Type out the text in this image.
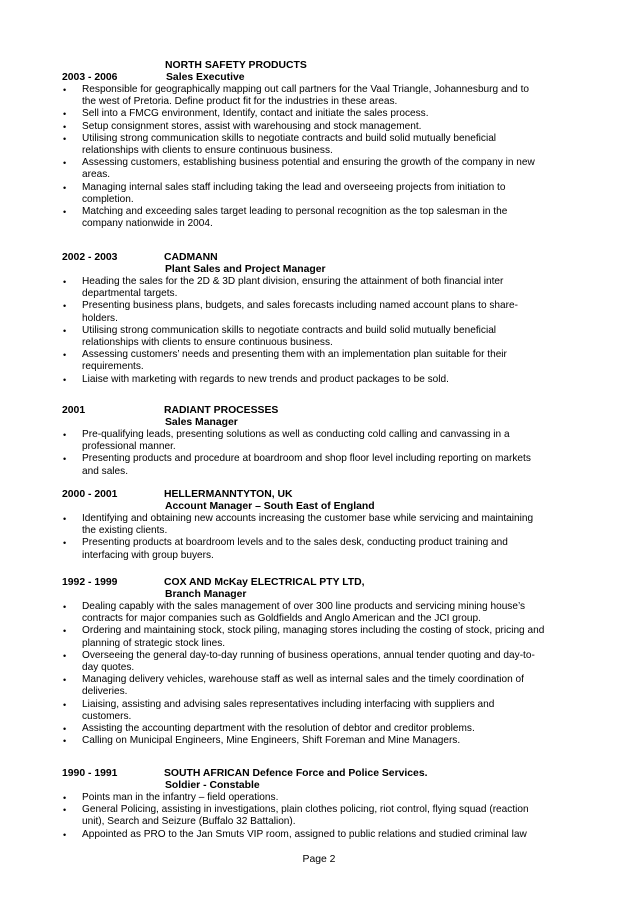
NORTH SAFETY PRODUCTS
2003 - 2006	Sales Executive
• Responsible for geographically mapping out call partners for the Vaal Triangle, Johannesburg and to
the west of Pretoria. Define product fit for the industries in these areas.
• Sell into a FMCG environment, Identify, contact and initiate the sales process.
• Setup consignment stores, assist with warehousing and stock management.
• Utilising strong communication skills to negotiate contracts and build solid mutually beneficial
relationships with clients to ensure continuous business.
• Assessing customers, establishing business potential and ensuring the growth of the company in new
areas.
• Managing internal sales staff including taking the lead and overseeing projects from initiation to
completion.
• Matching and exceeding sales target leading to personal recognition as the top salesman in the
company nationwide in 2004.
2002 - 2003	CADMANN
Plant Sales and Project Manager
• Heading the sales for the 2D & 3D plant division, ensuring the attainment of both financial inter
departmental targets.
• Presenting business plans, budgets, and sales forecasts including named account plans to share-
holders.
• Utilising strong communication skills to negotiate contracts and build solid mutually beneficial
relationships with clients to ensure continuous business.
• Assessing customers’ needs and presenting them with an implementation plan suitable for their
requirements.
• Liaise with marketing with regards to new trends and product packages to be sold.
2001	RADIANT PROCESSES
Sales Manager
• Pre-qualifying leads, presenting solutions as well as conducting cold calling and canvassing in a
professional manner.
• Presenting products and procedure at boardroom and shop floor level including reporting on markets
and sales.
2000 - 2001	HELLERMANNTYTON, UK
Account Manager – South East of England
• Identifying and obtaining new accounts increasing the customer base while servicing and maintaining
the existing clients.
• Presenting products at boardroom levels and to the sales desk, conducting product training and
interfacing with group buyers.
1992 - 1999	COX AND McKay ELECTRICAL PTY LTD,
Branch Manager
• Dealing capably with the sales management of over 300 line products and servicing mining house’s
contracts for major companies such as Goldfields and Anglo American and the JCI group.
• Ordering and maintaining stock, stock piling, managing stores including the costing of stock, pricing and
planning of strategic stock lines.
• Overseeing the general day-to-day running of business operations, annual tender quoting and day-to-
day quotes.
• Managing delivery vehicles, warehouse staff as well as internal sales and the timely coordination of
deliveries.
• Liaising, assisting and advising sales representatives including interfacing with suppliers and
customers.
• Assisting the accounting department with the resolution of debtor and creditor problems.
• Calling on Municipal Engineers, Mine Engineers, Shift Foreman and Mine Managers.
1990 - 1991	SOUTH AFRICAN Defence Force and Police Services.
Soldier - Constable
• Points man in the infantry – field operations.
• General Policing, assisting in investigations, plain clothes policing, riot control, flying squad (reaction
unit), Search and Seizure (Buffalo 32 Battalion).
• Appointed as PRO to the Jan Smuts VIP room, assigned to public relations and studied criminal law
Page 2
